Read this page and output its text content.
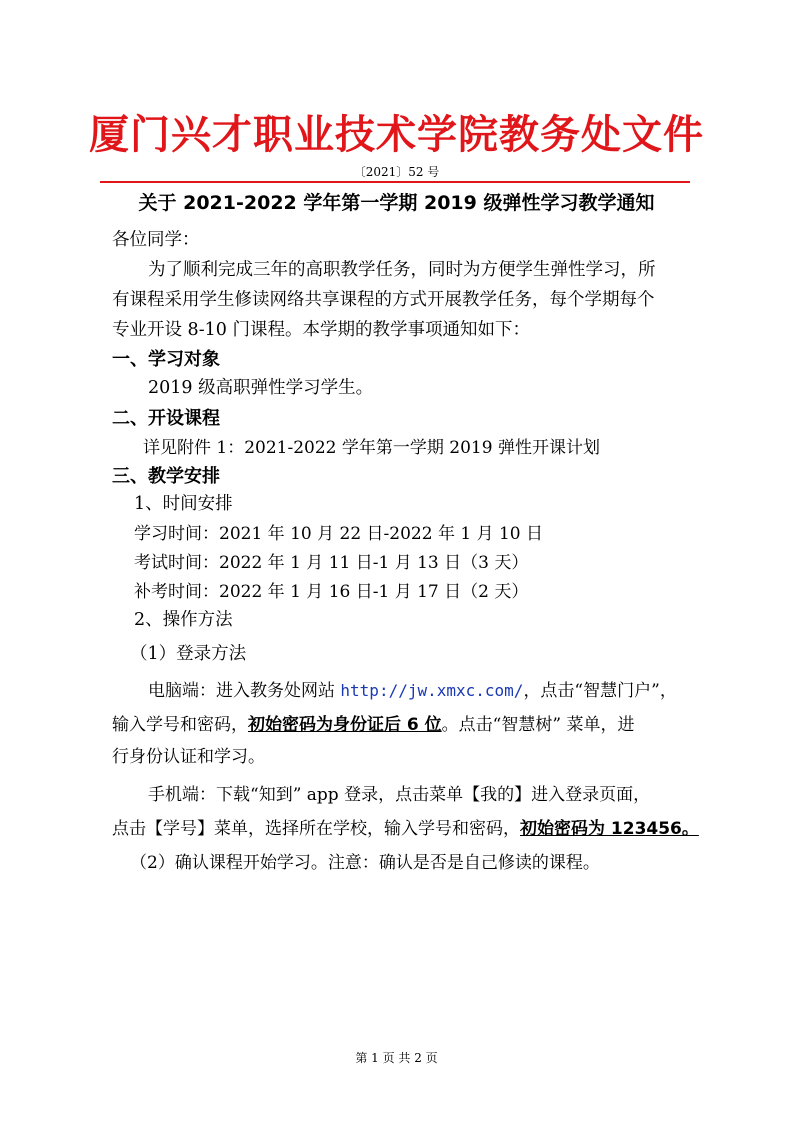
厦门兴才职业技术学院教务处文件
〔2021〕52 号
关于 2021-2022 学年第一学期 2019 级弹性学习教学通知
各位同学：
为了顺利完成三年的高职教学任务，同时为方便学生弹性学习，所
有课程采用学生修读网络共享课程的方式开展教学任务，每个学期每个
专业开设 8-10 门课程。本学期的教学事项通知如下：
一、学习对象
2019 级高职弹性学习学生。
二、开设课程
详见附件 1：2021-2022 学年第一学期 2019 弹性开课计划
三、教学安排
1、时间安排
学习时间：2021 年 10 月 22 日-2022 年 1 月 10 日
考试时间：2022 年 1 月 11 日-1 月 13 日（3 天）
补考时间：2022 年 1 月 16 日-1 月 17 日（2 天）
2、操作方法
（1）登录方法
电脑端：进入教务处网站 http://jw.xmxc.com/，点击“智慧门户”，
输入学号和密码，初始密码为身份证后 6 位。点击“智慧树” 菜单，进
行身份认证和学习。
手机端：下载“知到” app 登录，点击菜单【我的】进入登录页面，
点击【学号】菜单，选择所在学校，输入学号和密码，初始密码为 123456。
（2）确认课程开始学习。注意：确认是否是自己修读的课程。
第 1 页 共 2 页
